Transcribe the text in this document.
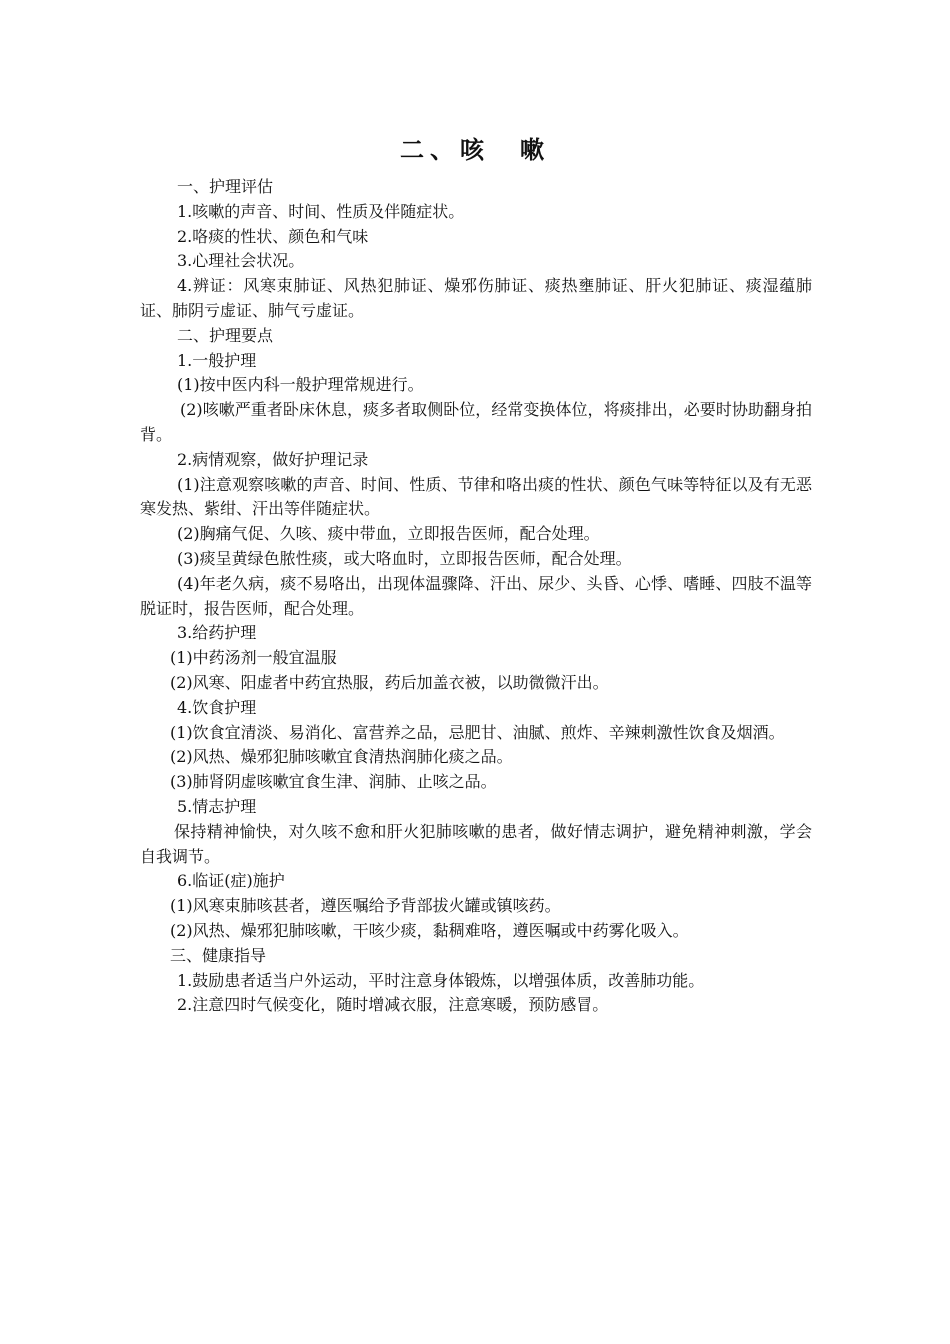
二、咳　嗽

一、护理评估

1.咳嗽的声音、时间、性质及伴随症状。

2.咯痰的性状、颜色和气味

3.心理社会状况。

4.辨证：风寒束肺证、风热犯肺证、燥邪伤肺证、痰热壅肺证、肝火犯肺证、痰湿蕴肺证、肺阴亏虚证、肺气亏虚证。

二、护理要点

1.一般护理

(1)按中医内科一般护理常规进行。

(2)咳嗽严重者卧床休息，痰多者取侧卧位，经常变换体位，将痰排出，必要时协助翻身拍背。

2.病情观察，做好护理记录

(1)注意观察咳嗽的声音、时间、性质、节律和咯出痰的性状、颜色气味等特征以及有无恶寒发热、紫绀、汗出等伴随症状。

(2)胸痛气促、久咳、痰中带血，立即报告医师，配合处理。

(3)痰呈黄绿色脓性痰，或大咯血时，立即报告医师，配合处理。

(4)年老久病，痰不易咯出，出现体温骤降、汗出、尿少、头昏、心悸、嗜睡、四肢不温等脱证时，报告医师，配合处理。

3.给药护理

(1)中药汤剂一般宜温服

(2)风寒、阳虚者中药宜热服，药后加盖衣被，以助微微汗出。

4.饮食护理

(1)饮食宜清淡、易消化、富营养之品，忌肥甘、油腻、煎炸、辛辣刺激性饮食及烟酒。

(2)风热、燥邪犯肺咳嗽宜食清热润肺化痰之品。

(3)肺肾阴虚咳嗽宜食生津、润肺、止咳之品。

5.情志护理

保持精神愉快，对久咳不愈和肝火犯肺咳嗽的患者，做好情志调护，避免精神刺激，学会自我调节。

6.临证(症)施护

(1)风寒束肺咳甚者，遵医嘱给予背部拔火罐或镇咳药。

(2)风热、燥邪犯肺咳嗽，干咳少痰，黏稠难咯，遵医嘱或中药雾化吸入。

三、健康指导

1.鼓励患者适当户外运动，平时注意身体锻炼，以增强体质，改善肺功能。

2.注意四时气候变化，随时增减衣服，注意寒暖，预防感冒。
